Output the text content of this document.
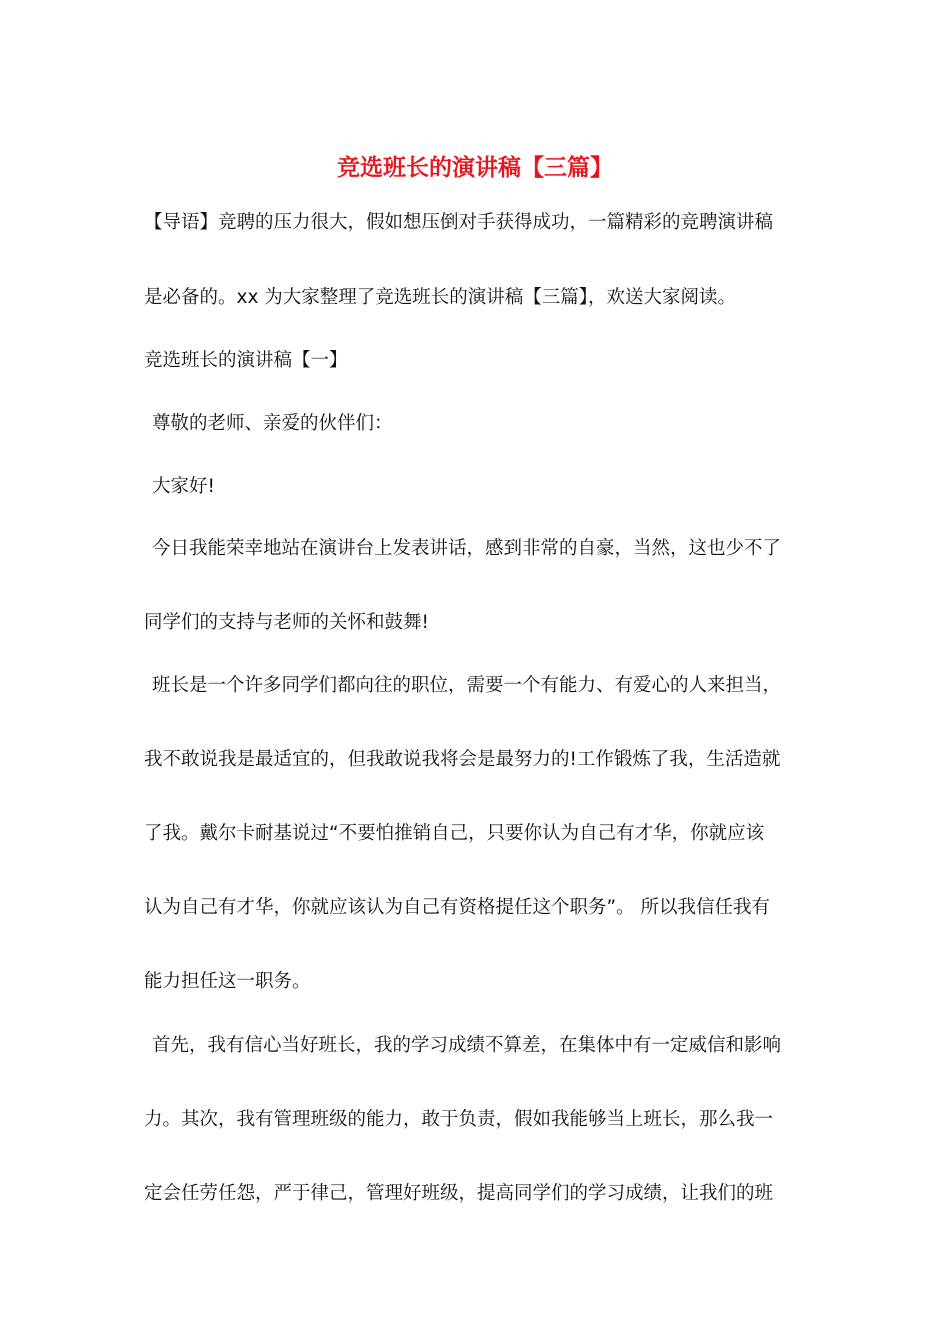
竞选班长的演讲稿【三篇】
【导语】竞聘的压力很大，假如想压倒对手获得成功，一篇精彩的竞聘演讲稿
是必备的。xx 为大家整理了竞选班长的演讲稿【三篇】，欢送大家阅读。
竞选班长的演讲稿【一】
尊敬的老师、亲爱的伙伴们：
大家好!
今日我能荣幸地站在演讲台上发表讲话，感到非常的自豪，当然，这也少不了
同学们的支持与老师的关怀和鼓舞!
班长是一个许多同学们都向往的职位，需要一个有能力、有爱心的人来担当，
我不敢说我是最适宜的，但我敢说我将会是最努力的!工作锻炼了我，生活造就
了我。戴尔卡耐基说过“不要怕推销自己，只要你认为自己有才华，你就应该
认为自己有才华，你就应该认为自己有资格提任这个职务”。 所以我信任我有
能力担任这一职务。
首先，我有信心当好班长，我的学习成绩不算差，在集体中有一定威信和影响
力。其次，我有管理班级的能力，敢于负责，假如我能够当上班长，那么我一
定会任劳任怨，严于律己，管理好班级，提高同学们的学习成绩，让我们的班
